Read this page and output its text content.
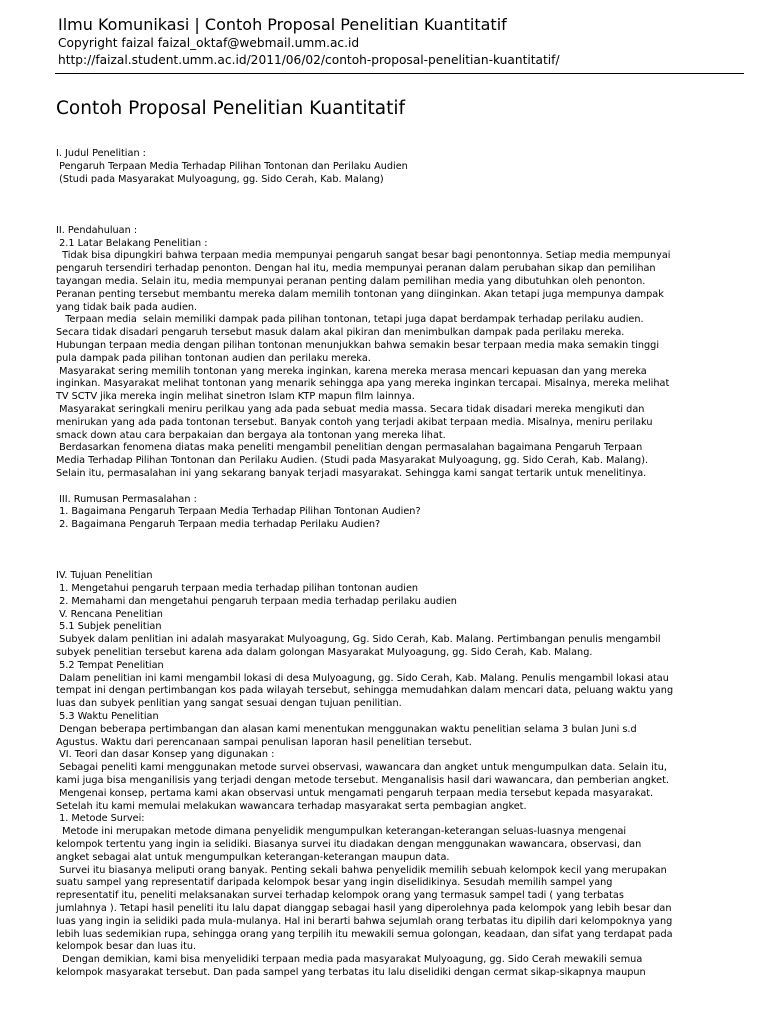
Ilmu Komunikasi | Contoh Proposal Penelitian Kuantitatif
Copyright faizal faizal_oktaf@webmail.umm.ac.id
http://faizal.student.umm.ac.id/2011/06/02/contoh-proposal-penelitian-kuantitatif/
Contoh Proposal Penelitian Kuantitatif
I. Judul Penelitian :
Pengaruh Terpaan Media Terhadap Pilihan Tontonan dan Perilaku Audien
(Studi pada Masyarakat Mulyoagung, gg. Sido Cerah, Kab. Malang)
II. Pendahuluan :
2.1 Latar Belakang Penelitian :
Tidak bisa dipungkiri bahwa terpaan media mempunyai pengaruh sangat besar bagi penontonnya. Setiap media mempunyai
pengaruh tersendiri terhadap penonton. Dengan hal itu, media mempunyai peranan dalam perubahan sikap dan pemilihan
tayangan media. Selain itu, media mempunyai peranan penting dalam pemilihan media yang dibutuhkan oleh penonton.
Peranan penting tersebut membantu mereka dalam memilih tontonan yang diinginkan. Akan tetapi juga mempunya dampak
yang tidak baik pada audien.
Terpaan media  selain memiliki dampak pada pilihan tontonan, tetapi juga dapat berdampak terhadap perilaku audien.
Secara tidak disadari pengaruh tersebut masuk dalam akal pikiran dan menimbulkan dampak pada perilaku mereka.
Hubungan terpaan media dengan pilihan tontonan menunjukkan bahwa semakin besar terpaan media maka semakin tinggi
pula dampak pada pilihan tontonan audien dan perilaku mereka.
Masyarakat sering memilih tontonan yang mereka inginkan, karena mereka merasa mencari kepuasan dan yang mereka
inginkan. Masyarakat melihat tontonan yang menarik sehingga apa yang mereka inginkan tercapai. Misalnya, mereka melihat
TV SCTV jika mereka ingin melihat sinetron Islam KTP mapun film lainnya.
Masyarakat seringkali meniru perilkau yang ada pada sebuat media massa. Secara tidak disadari mereka mengikuti dan
menirukan yang ada pada tontonan tersebut. Banyak contoh yang terjadi akibat terpaan media. Misalnya, meniru perilaku
smack down atau cara berpakaian dan bergaya ala tontonan yang mereka lihat.
Berdasarkan fenomena diatas maka peneliti mengambil penelitian dengan permasalahan bagaimana Pengaruh Terpaan
Media Terhadap Pilihan Tontonan dan Perilaku Audien. (Studi pada Masyarakat Mulyoagung, gg. Sido Cerah, Kab. Malang).
Selain itu, permasalahan ini yang sekarang banyak terjadi masyarakat. Sehingga kami sangat tertarik untuk menelitinya.
III. Rumusan Permasalahan :
1. Bagaimana Pengaruh Terpaan Media Terhadap Pilihan Tontonan Audien?
2. Bagaimana Pengaruh Terpaan media terhadap Perilaku Audien?
IV. Tujuan Penelitian
1. Mengetahui pengaruh terpaan media terhadap pilihan tontonan audien
2. Memahami dan mengetahui pengaruh terpaan media terhadap perilaku audien
V. Rencana Penelitian
5.1 Subjek penelitian
Subyek dalam penlitian ini adalah masyarakat Mulyoagung, Gg. Sido Cerah, Kab. Malang. Pertimbangan penulis mengambil
subyek penelitian tersebut karena ada dalam golongan Masyarakat Mulyoagung, gg. Sido Cerah, Kab. Malang.
5.2 Tempat Penelitian
Dalam penelitian ini kami mengambil lokasi di desa Mulyoagung, gg. Sido Cerah, Kab. Malang. Penulis mengambil lokasi atau
tempat ini dengan pertimbangan kos pada wilayah tersebut, sehingga memudahkan dalam mencari data, peluang waktu yang
luas dan subyek penlitian yang sangat sesuai dengan tujuan penilitian.
5.3 Waktu Penelitian
Dengan beberapa pertimbangan dan alasan kami menentukan menggunakan waktu penelitian selama 3 bulan Juni s.d
Agustus. Waktu dari perencanaan sampai penulisan laporan hasil penelitian tersebut.
VI. Teori dan dasar Konsep yang digunakan :
Sebagai peneliti kami menggunakan metode survei observasi, wawancara dan angket untuk mengumpulkan data. Selain itu,
kami juga bisa menganilisis yang terjadi dengan metode tersebut. Menganalisis hasil dari wawancara, dan pemberian angket.
Mengenai konsep, pertama kami akan observasi untuk mengamati pengaruh terpaan media tersebut kepada masyarakat.
Setelah itu kami memulai melakukan wawancara terhadap masyarakat serta pembagian angket.
1. Metode Survei:
Metode ini merupakan metode dimana penyelidik mengumpulkan keterangan-keterangan seluas-luasnya mengenai
kelompok tertentu yang ingin ia selidiki. Biasanya survei itu diadakan dengan menggunakan wawancara, observasi, dan
angket sebagai alat untuk mengumpulkan keterangan-keterangan maupun data.
Survei itu biasanya meliputi orang banyak. Penting sekali bahwa penyelidik memilih sebuah kelompok kecil yang merupakan
suatu sampel yang representatif daripada kelompok besar yang ingin diselidikinya. Sesudah memilih sampel yang
representatif itu, peneliti melaksanakan survei terhadap kelompok orang yang termasuk sampel tadi ( yang terbatas
jumlahnya ). Tetapi hasil peneliti itu lalu dapat dianggap sebagai hasil yang diperolehnya pada kelompok yang lebih besar dan
luas yang ingin ia selidiki pada mula-mulanya. Hal ini berarti bahwa sejumlah orang terbatas itu dipilih dari kelompoknya yang
lebih luas sedemikian rupa, sehingga orang yang terpilih itu mewakili semua golongan, keadaan, dan sifat yang terdapat pada
kelompok besar dan luas itu.
Dengan demikian, kami bisa menyelidiki terpaan media pada masyarakat Mulyoagung, gg. Sido Cerah mewakili semua
kelompok masyarakat tersebut. Dan pada sampel yang terbatas itu lalu diselidiki dengan cermat sikap-sikapnya maupun
